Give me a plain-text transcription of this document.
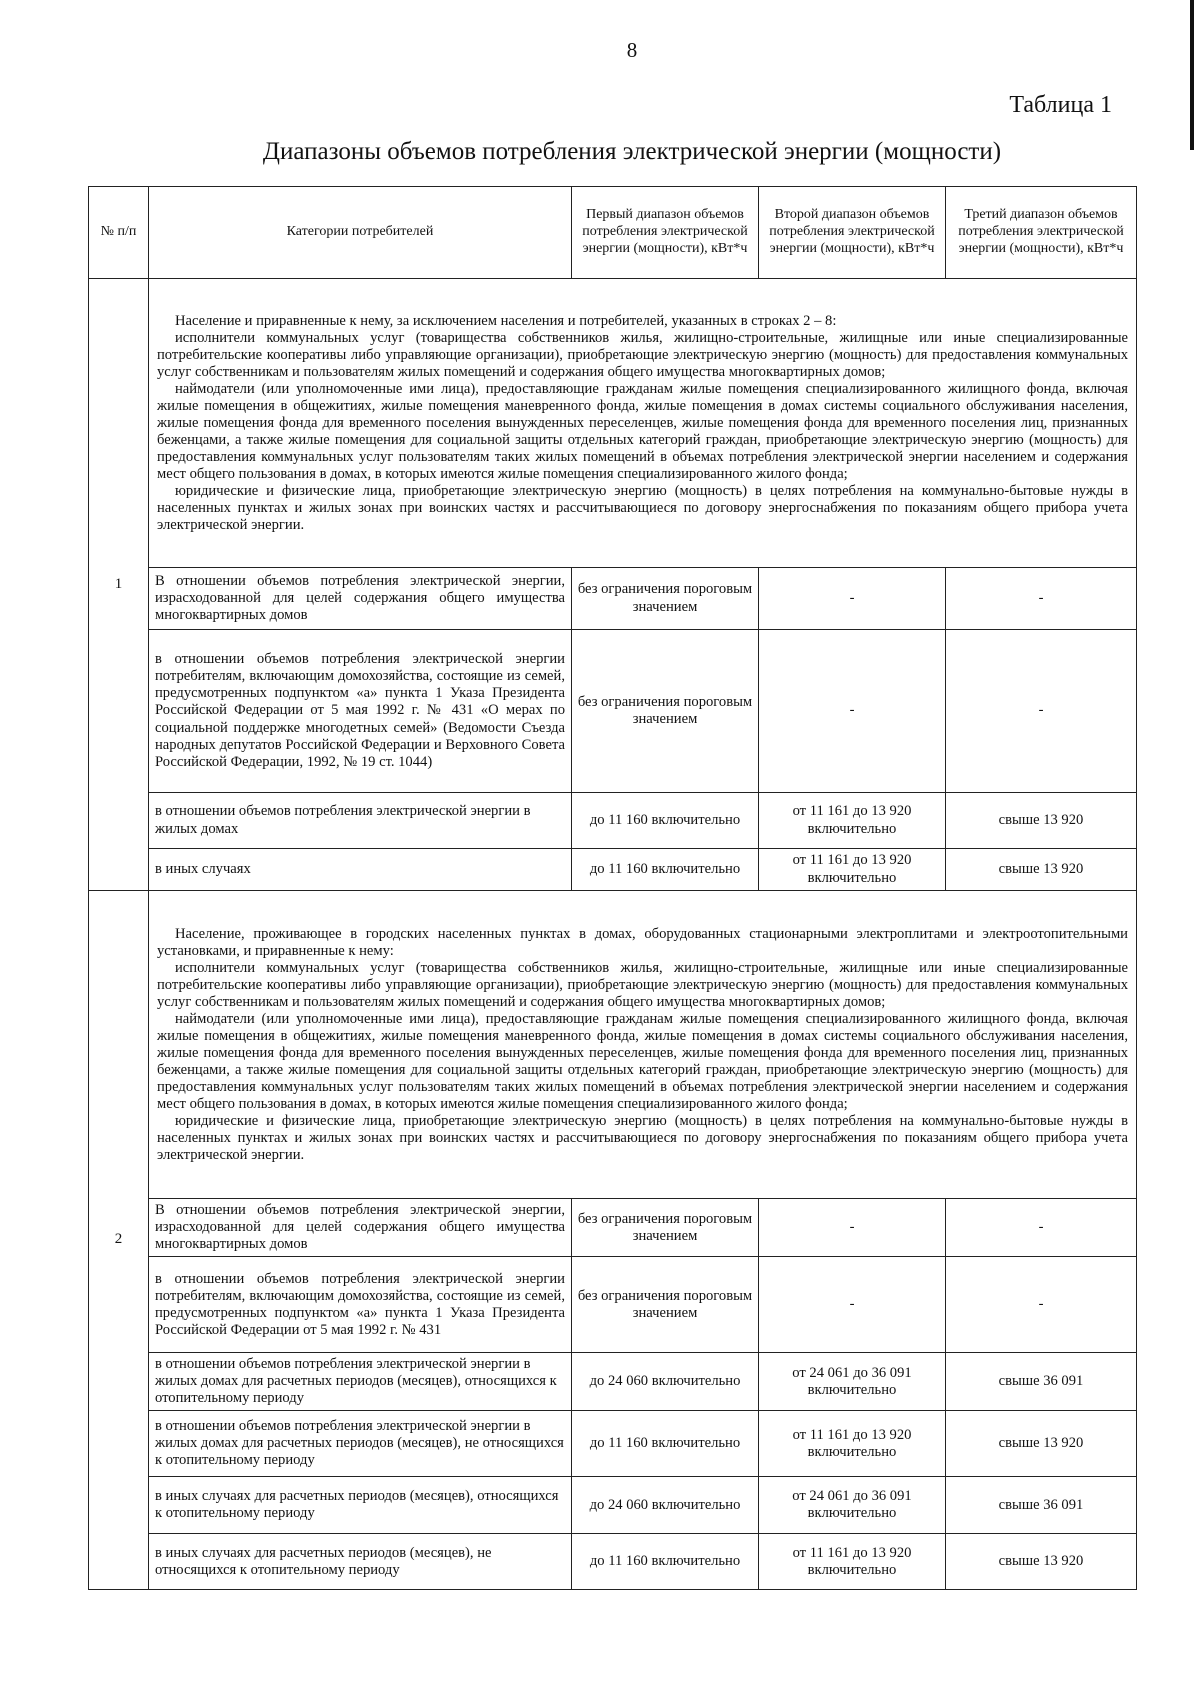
8
Таблица 1
Диапазоны объемов потребления электрической энергии (мощности)
№ п/п	Категории потребителей	Первый диапазон объемов потребления электрической энергии (мощности), кВт*ч	Второй диапазон объемов потребления электрической энергии (мощности), кВт*ч	Третий диапазон объемов потребления электрической энергии (мощности), кВт*ч
1	Население и приравненные к нему, за исключением населения и потребителей, указанных в строках 2 – 8:

исполнители коммунальных услуг (товарищества собственников жилья, жилищно-строительные, жилищные или иные специализированные потребительские кооперативы либо управляющие организации), приобретающие электрическую энергию (мощность) для предоставления коммунальных услуг собственникам и пользователям жилых помещений и содержания общего имущества многоквартирных домов;

наймодатели (или уполномоченные ими лица), предоставляющие гражданам жилые помещения специализированного жилищного фонда, включая жилые помещения в общежитиях, жилые помещения маневренного фонда, жилые помещения в домах системы социального обслуживания населения, жилые помещения фонда для временного поселения вынужденных переселенцев, жилые помещения фонда для временного поселения лиц, признанных беженцами, а также жилые помещения для социальной защиты отдельных категорий граждан, приобретающие электрическую энергию (мощность) для предоставления коммунальных услуг пользователям таких жилых помещений в объемах потребления электрической энергии населением и содержания мест общего пользования в домах, в которых имеются жилые помещения специализированного жилого фонда;

юридические и физические лица, приобретающие электрическую энергию (мощность) в целях потребления на коммунально-бытовые нужды в населенных пунктах и жилых зонах при воинских частях и рассчитывающиеся по договору энергоснабжения по показаниям общего прибора учета электрической энергии.			

	В отношении объемов потребления электрической энергии, израсходованной для целей содержания общего имущества многоквартирных домов	без ограничения пороговым значением	-	-
	в отношении объемов потребления электрической энергии потребителям, включающим домохозяйства, состоящие из семей, предусмотренных подпунктом «а» пункта 1 Указа Президента Российской Федерации от 5 мая 1992 г. № 431 «О мерах по социальной поддержке многодетных семей» (Ведомости Съезда народных депутатов Российской Федерации и Верховного Совета Российской Федерации, 1992, № 19 ст. 1044)	без ограничения пороговым значением	-	-
	в отношении объемов потребления электрической энергии в жилых домах	до 11 160 включительно	от 11 161 до 13 920 включительно	свыше 13 920
	в иных случаях	до 11 160 включительно	от 11 161 до 13 920 включительно	свыше 13 920
2	Население, проживающее в городских населенных пунктах в домах, оборудованных стационарными электроплитами и электроотопительными установками, и приравненные к нему:

исполнители коммунальных услуг (товарищества собственников жилья, жилищно-строительные, жилищные или иные специализированные потребительские кооперативы либо управляющие организации), приобретающие электрическую энергию (мощность) для предоставления коммунальных услуг собственникам и пользователям жилых помещений и содержания общего имущества многоквартирных домов;

наймодатели (или уполномоченные ими лица), предоставляющие гражданам жилые помещения специализированного жилищного фонда, включая жилые помещения в общежитиях, жилые помещения маневренного фонда, жилые помещения в домах системы социального обслуживания населения, жилые помещения фонда для временного поселения вынужденных переселенцев, жилые помещения фонда для временного поселения лиц, признанных беженцами, а также жилые помещения для социальной защиты отдельных категорий граждан, приобретающие электрическую энергию (мощность) для предоставления коммунальных услуг пользователям таких жилых помещений в объемах потребления электрической энергии населением и содержания мест общего пользования в домах, в которых имеются жилые помещения специализированного жилого фонда;

юридические и физические лица, приобретающие электрическую энергию (мощность) в целях потребления на коммунально-бытовые нужды в населенных пунктах и жилых зонах при воинских частях и рассчитывающиеся по договору энергоснабжения по показаниям общего прибора учета электрической энергии.			

	В отношении объемов потребления электрической энергии, израсходованной для целей содержания общего имущества многоквартирных домов	без ограничения пороговым значением	-	-
	в отношении объемов потребления электрической энергии потребителям, включающим домохозяйства, состоящие из семей, предусмотренных подпунктом «а» пункта 1 Указа Президента Российской Федерации от 5 мая 1992 г. № 431	без ограничения пороговым значением	-	-
	в отношении объемов потребления электрической энергии в жилых домах для расчетных периодов (месяцев), относящихся к отопительному периоду	до 24 060 включительно	от 24 061 до 36 091 включительно	свыше 36 091
	в отношении объемов потребления электрической энергии в жилых домах для расчетных периодов (месяцев), не относящихся к отопительному периоду	до 11 160 включительно	от 11 161 до 13 920 включительно	свыше 13 920
	в иных случаях для расчетных периодов (месяцев), относящихся к отопительному периоду	до 24 060 включительно	от 24 061 до 36 091 включительно	свыше 36 091
	в иных случаях для расчетных периодов (месяцев), не относящихся к отопительному периоду	до 11 160 включительно	от 11 161 до 13 920 включительно	свыше 13 920
